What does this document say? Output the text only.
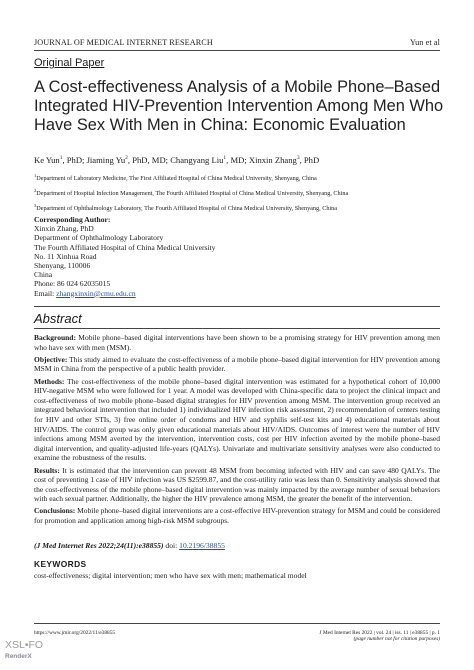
JOURNAL OF MEDICAL INTERNET RESEARCH	Yun et al
Original Paper
A Cost-effectiveness Analysis of a Mobile Phone–Based Integrated HIV-Prevention Intervention Among Men Who Have Sex With Men in China: Economic Evaluation
Ke Yun$^1$, PhD; Jiaming Yu$^2$, PhD, MD; Changyang Liu$^1$, MD; Xinxin Zhang$^3$, PhD
$^1$Department of Laboratory Medicine, The First Affiliated Hospital of China Medical University, Shenyang, China
$^2$Department of Hospital Infection Management, The Fourth Affiliated Hospital of China Medical University, Shenyang, China
$^3$Department of Ophthalmology Laboratory, The Fourth Affiliated Hospital of China Medical University, Shenyang, China
Corresponding Author:
Xinxin Zhang, PhD
Department of Ophthalmology Laboratory
The Fourth Affiliated Hospital of China Medical University
No. 11 Xinhua Road
Shenyang, 110006
China
Phone: 86 024 62035015
Email: zhangxinxin@cmu.edu.cn
Abstract

Background: Mobile phone–based digital interventions have been shown to be a promising strategy for HIV prevention among men who have sex with men (MSM).

Objective: This study aimed to evaluate the cost-effectiveness of a mobile phone–based digital intervention for HIV prevention among MSM in China from the perspective of a public health provider.

Methods: The cost-effectiveness of the mobile phone–based digital intervention was estimated for a hypothetical cohort of 10,000 HIV-negative MSM who were followed for 1 year. A model was developed with China-specific data to project the clinical impact and cost-effectiveness of two mobile phone–based digital strategies for HIV prevention among MSM. The intervention group received an integrated behavioral intervention that included 1) individualized HIV infection risk assessment, 2) recommendation of centers testing for HIV and other STIs, 3) free online order of condoms and HIV and syphilis self-test kits and 4) educational materials about HIV/AIDS. The control group was only given educational materials about HIV/AIDS. Outcomes of interest were the number of HIV infections among MSM averted by the intervention, intervention costs, cost per HIV infection averted by the mobile phone–based digital intervention, and quality-adjusted life-years (QALYs). Univariate and multivariate sensitivity analyses were also conducted to examine the robustness of the results.

Results: It is estimated that the intervention can prevent 48 MSM from becoming infected with HIV and can save 480 QALYs. The cost of preventing 1 case of HIV infection was US $2599.87, and the cost-utility ratio was less than 0. Sensitivity analysis showed that the cost-effectiveness of the mobile phone–based digital intervention was mainly impacted by the average number of sexual behaviors with each sexual partner. Additionally, the higher the HIV prevalence among MSM, the greater the benefit of the intervention.

Conclusions: Mobile phone–based digital interventions are a cost-effective HIV-prevention strategy for MSM and could be considered for promotion and application among high-risk MSM subgroups.

(J Med Internet Res 2022;24(11):e38855) doi: 10.2196/38855
KEYWORDS
cost-effectiveness; digital intervention; men who have sex with men; mathematical model
https://www.jmir.org/2022/11/e38855	J Med Internet Res 2022 | vol. 24 | iss. 11 | e38855 | p. 1
(page number not for citation purposes)
XSL•FO
RenderX
